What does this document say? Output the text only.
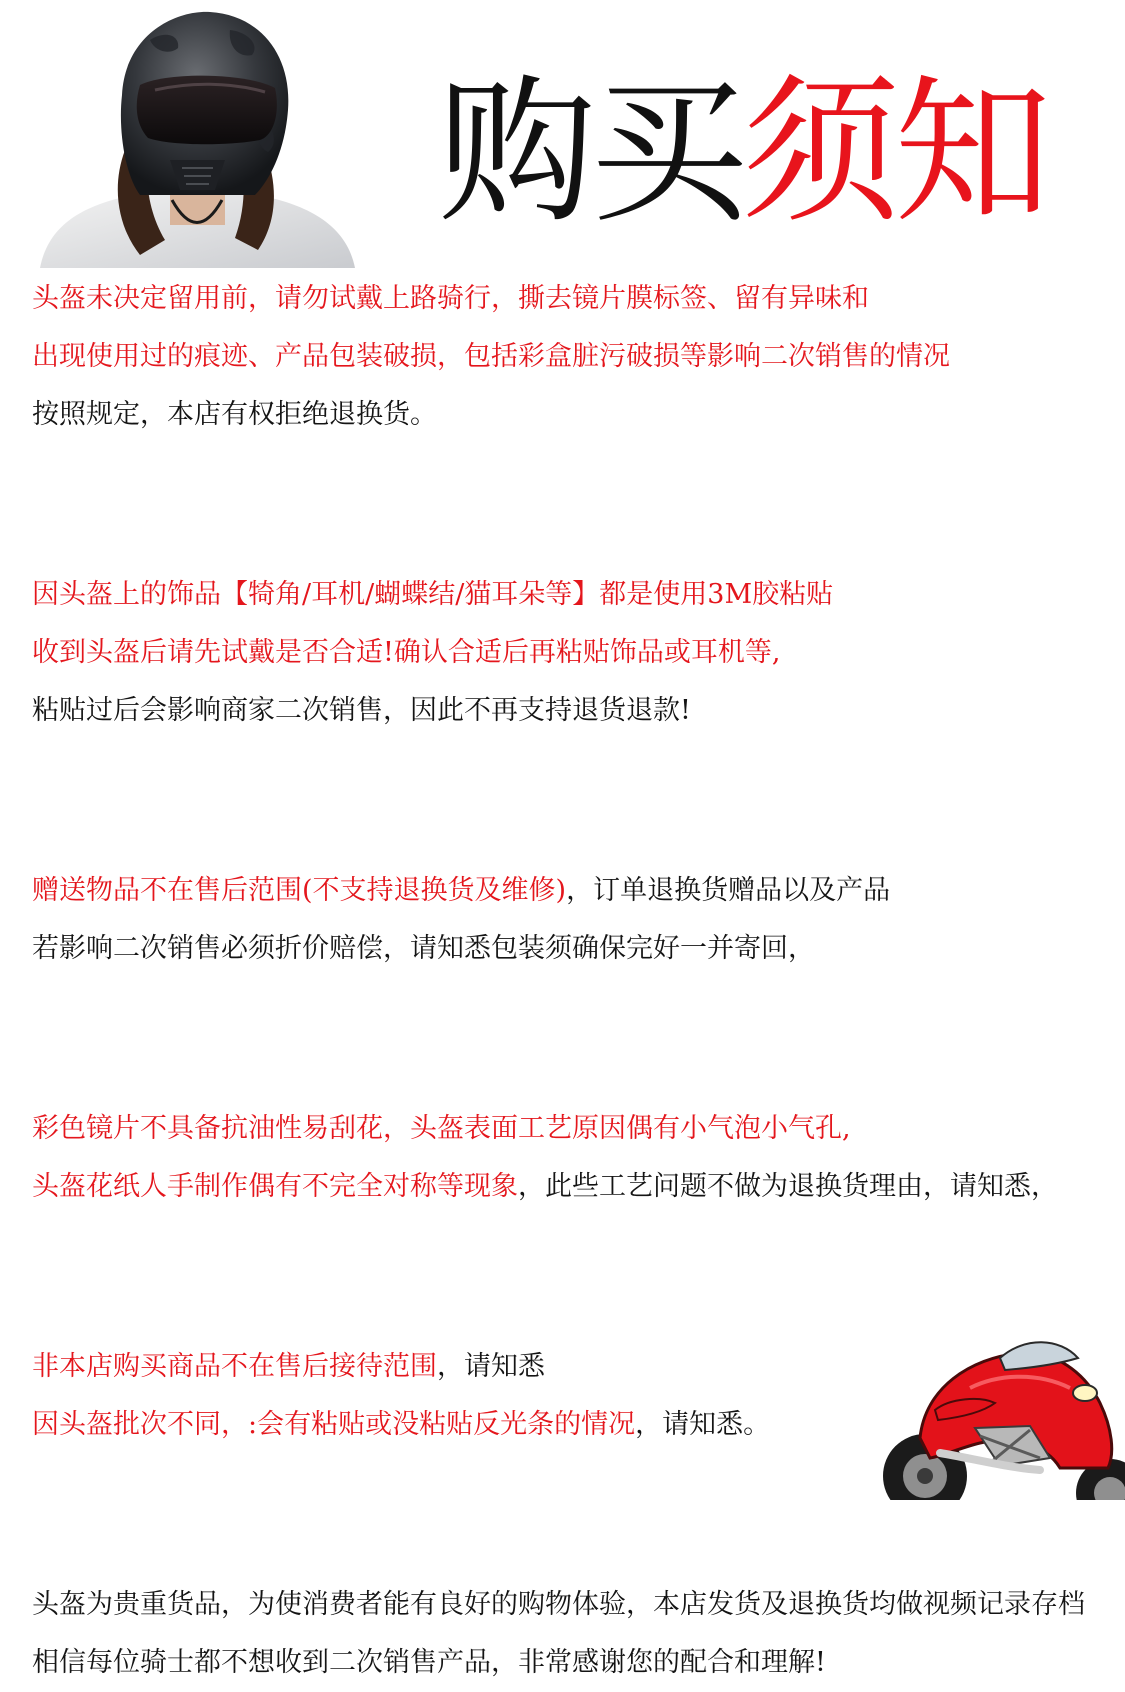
购买须知
头盔未决定留用前，请勿试戴上路骑行，撕去镜片膜标签、留有异味和
出现使用过的痕迹、产品包装破损，包括彩盒脏污破损等影响二次销售的情况
按照规定，本店有权拒绝退换货。
因头盔上的饰品【犄角/耳机/蝴蝶结/猫耳朵等】都是使用3M胶粘贴
收到头盔后请先试戴是否合适!确认合适后再粘贴饰品或耳机等,
粘贴过后会影响商家二次销售，因此不再支持退货退款!
赠送物品不在售后范围(不支持退换货及维修)，订单退换货赠品以及产品
若影响二次销售必须折价赔偿，请知悉包装须确保完好一并寄回，
彩色镜片不具备抗油性易刮花，头盔表面工艺原因偶有小气泡小气孔,
头盔花纸人手制作偶有不完全对称等现象，此些工艺问题不做为退换货理由，请知悉，
非本店购买商品不在售后接待范围，请知悉
因头盔批次不同，:会有粘贴或没粘贴反光条的情况，请知悉。
头盔为贵重货品，为使消费者能有良好的购物体验，本店发货及退换货均做视频记录存档
相信每位骑士都不想收到二次销售产品，非常感谢您的配合和理解!
